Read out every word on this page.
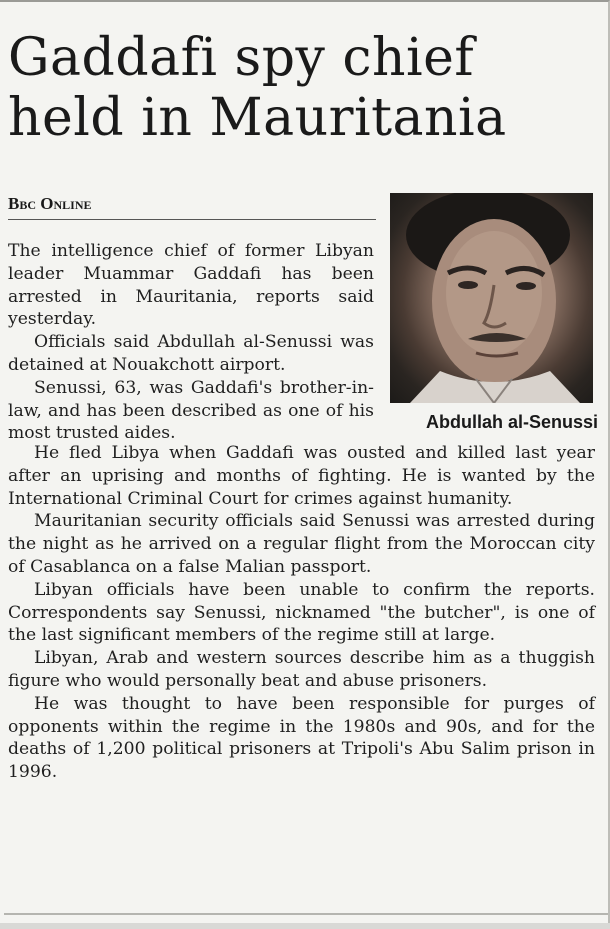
Gaddafi spy chief
held in Mauritania
Bbc Online
Abdullah al-Senussi

The intelligence chief of former Libyan leader Muammar Gaddafi has been arrested in Mauritania, reports said yesterday.

Officials said Abdullah al-Senussi was detained at Nouakchott airport.

Senussi, 63, was Gaddafi's brother-in-law, and has been described as one of his most trusted aides.

He fled Libya when Gaddafi was ousted and killed last year after an uprising and months of fighting. He is wanted by the International Criminal Court for crimes against humanity.

Mauritanian security officials said Senussi was arrested during the night as he arrived on a regular flight from the Moroccan city of Casablanca on a false Malian passport.

Libyan officials have been unable to confirm the reports. Correspondents say Senussi, nicknamed "the butcher", is one of the last significant members of the regime still at large.

Libyan, Arab and western sources describe him as a thuggish figure who would personally beat and abuse prisoners.

He was thought to have been responsible for purges of opponents within the regime in the 1980s and 90s, and for the deaths of 1,200 political prisoners at Tripoli's Abu Salim prison in 1996.
